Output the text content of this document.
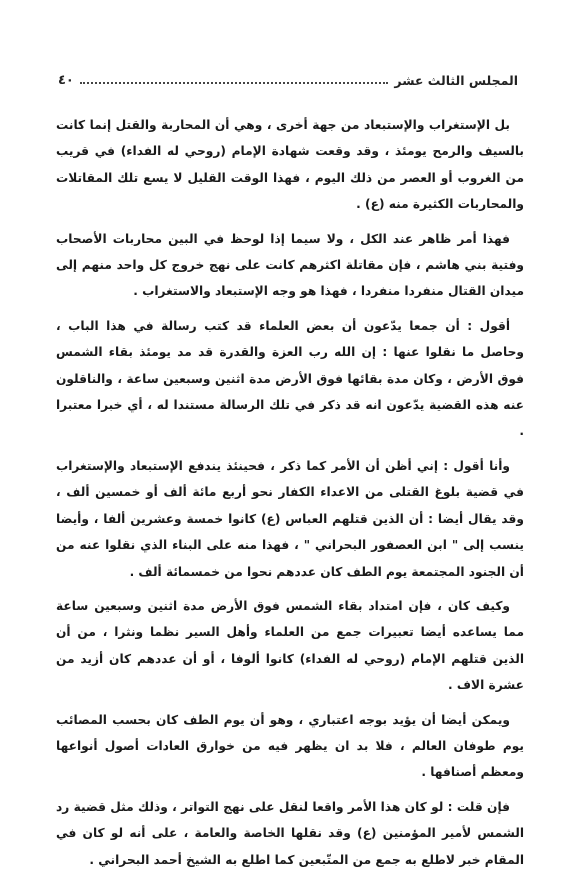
المجلس الثالث عشر
٤٠

بل الإستغراب والإستبعاد من جهة أخرى ، وهي أن المحاربة والقتل إنما كانت بالسيف والرمح يومئذ ، وقد وقعت شهادة الإمام (روحي له الفداء) في قريب من الغروب أو العصر من ذلك اليوم ، فهذا الوقت القليل لا يسع تلك المقاتلات والمحاربات الكثيرة منه (ع) .

فهذا أمر ظاهر عند الكل ، ولا سيما إذا لوحظ في البين محاربات الأصحاب وفتية بني هاشم ، فإن مقاتلة اكثرهم كانت على نهج خروج كل واحد منهم إلى ميدان القتال منفردا منفردا ، فهذا هو وجه الإستبعاد والاستغراب .

أقول : أن جمعا يدّعون أن بعض العلماء قد كتب رسالة في هذا الباب ، وحاصل ما نقلوا عنها : إن الله رب العزة والقدرة قد مد يومئذ بقاء الشمس فوق الأرض ، وكان مدة بقائها فوق الأرض مدة اثنين وسبعين ساعة ، والناقلون عنه هذه القضية يدّعون انه قد ذكر في تلك الرسالة مستندا له ، أي خبرا معتبرا .

وأنا أقول : إني أظن أن الأمر كما ذكر ، فحينئذ يندفع الإستبعاد والإستغراب في قضية بلوغ القتلى من الاعداء الكفار نحو أربع مائة ألف أو خمسين ألف ، وقد يقال أيضا : أن الذين قتلهم العباس (ع) كانوا خمسة وعشرين ألفا ، وأيضا ينسب إلى " ابن العصفور البحراني " ، فهذا منه على البناء الذي نقلوا عنه من أن الجنود المجتمعة يوم الطف كان عددهم نحوا من خمسمائة ألف .

وكيف كان ، فإن امتداد بقاء الشمس فوق الأرض مدة اثنين وسبعين ساعة مما يساعده أيضا تعبيرات جمع من العلماء وأهل السير نظما ونثرا ، من أن الذين قتلهم الإمام (روحي له الفداء) كانوا ألوفا ، أو أن عددهم كان أزيد من عشرة الاف .

ويمكن أيضا أن يؤيد بوجه اعتباري ، وهو أن يوم الطف كان بحسب المصائب يوم طوفان العالم ، فلا بد ان يظهر فيه من خوارق العادات أصول أنواعها ومعظم أصنافها .

فإن قلت : لو كان هذا الأمر واقعا لنقل على نهج التواتر ، وذلك مثل قضية رد الشمس لأمير المؤمنين (ع) وقد نقلها الخاصة والعامة ، على أنه لو كان في المقام خبر لاطلع به جمع من المتّبعين كما اطلع به الشيخ أحمد البحراني .
